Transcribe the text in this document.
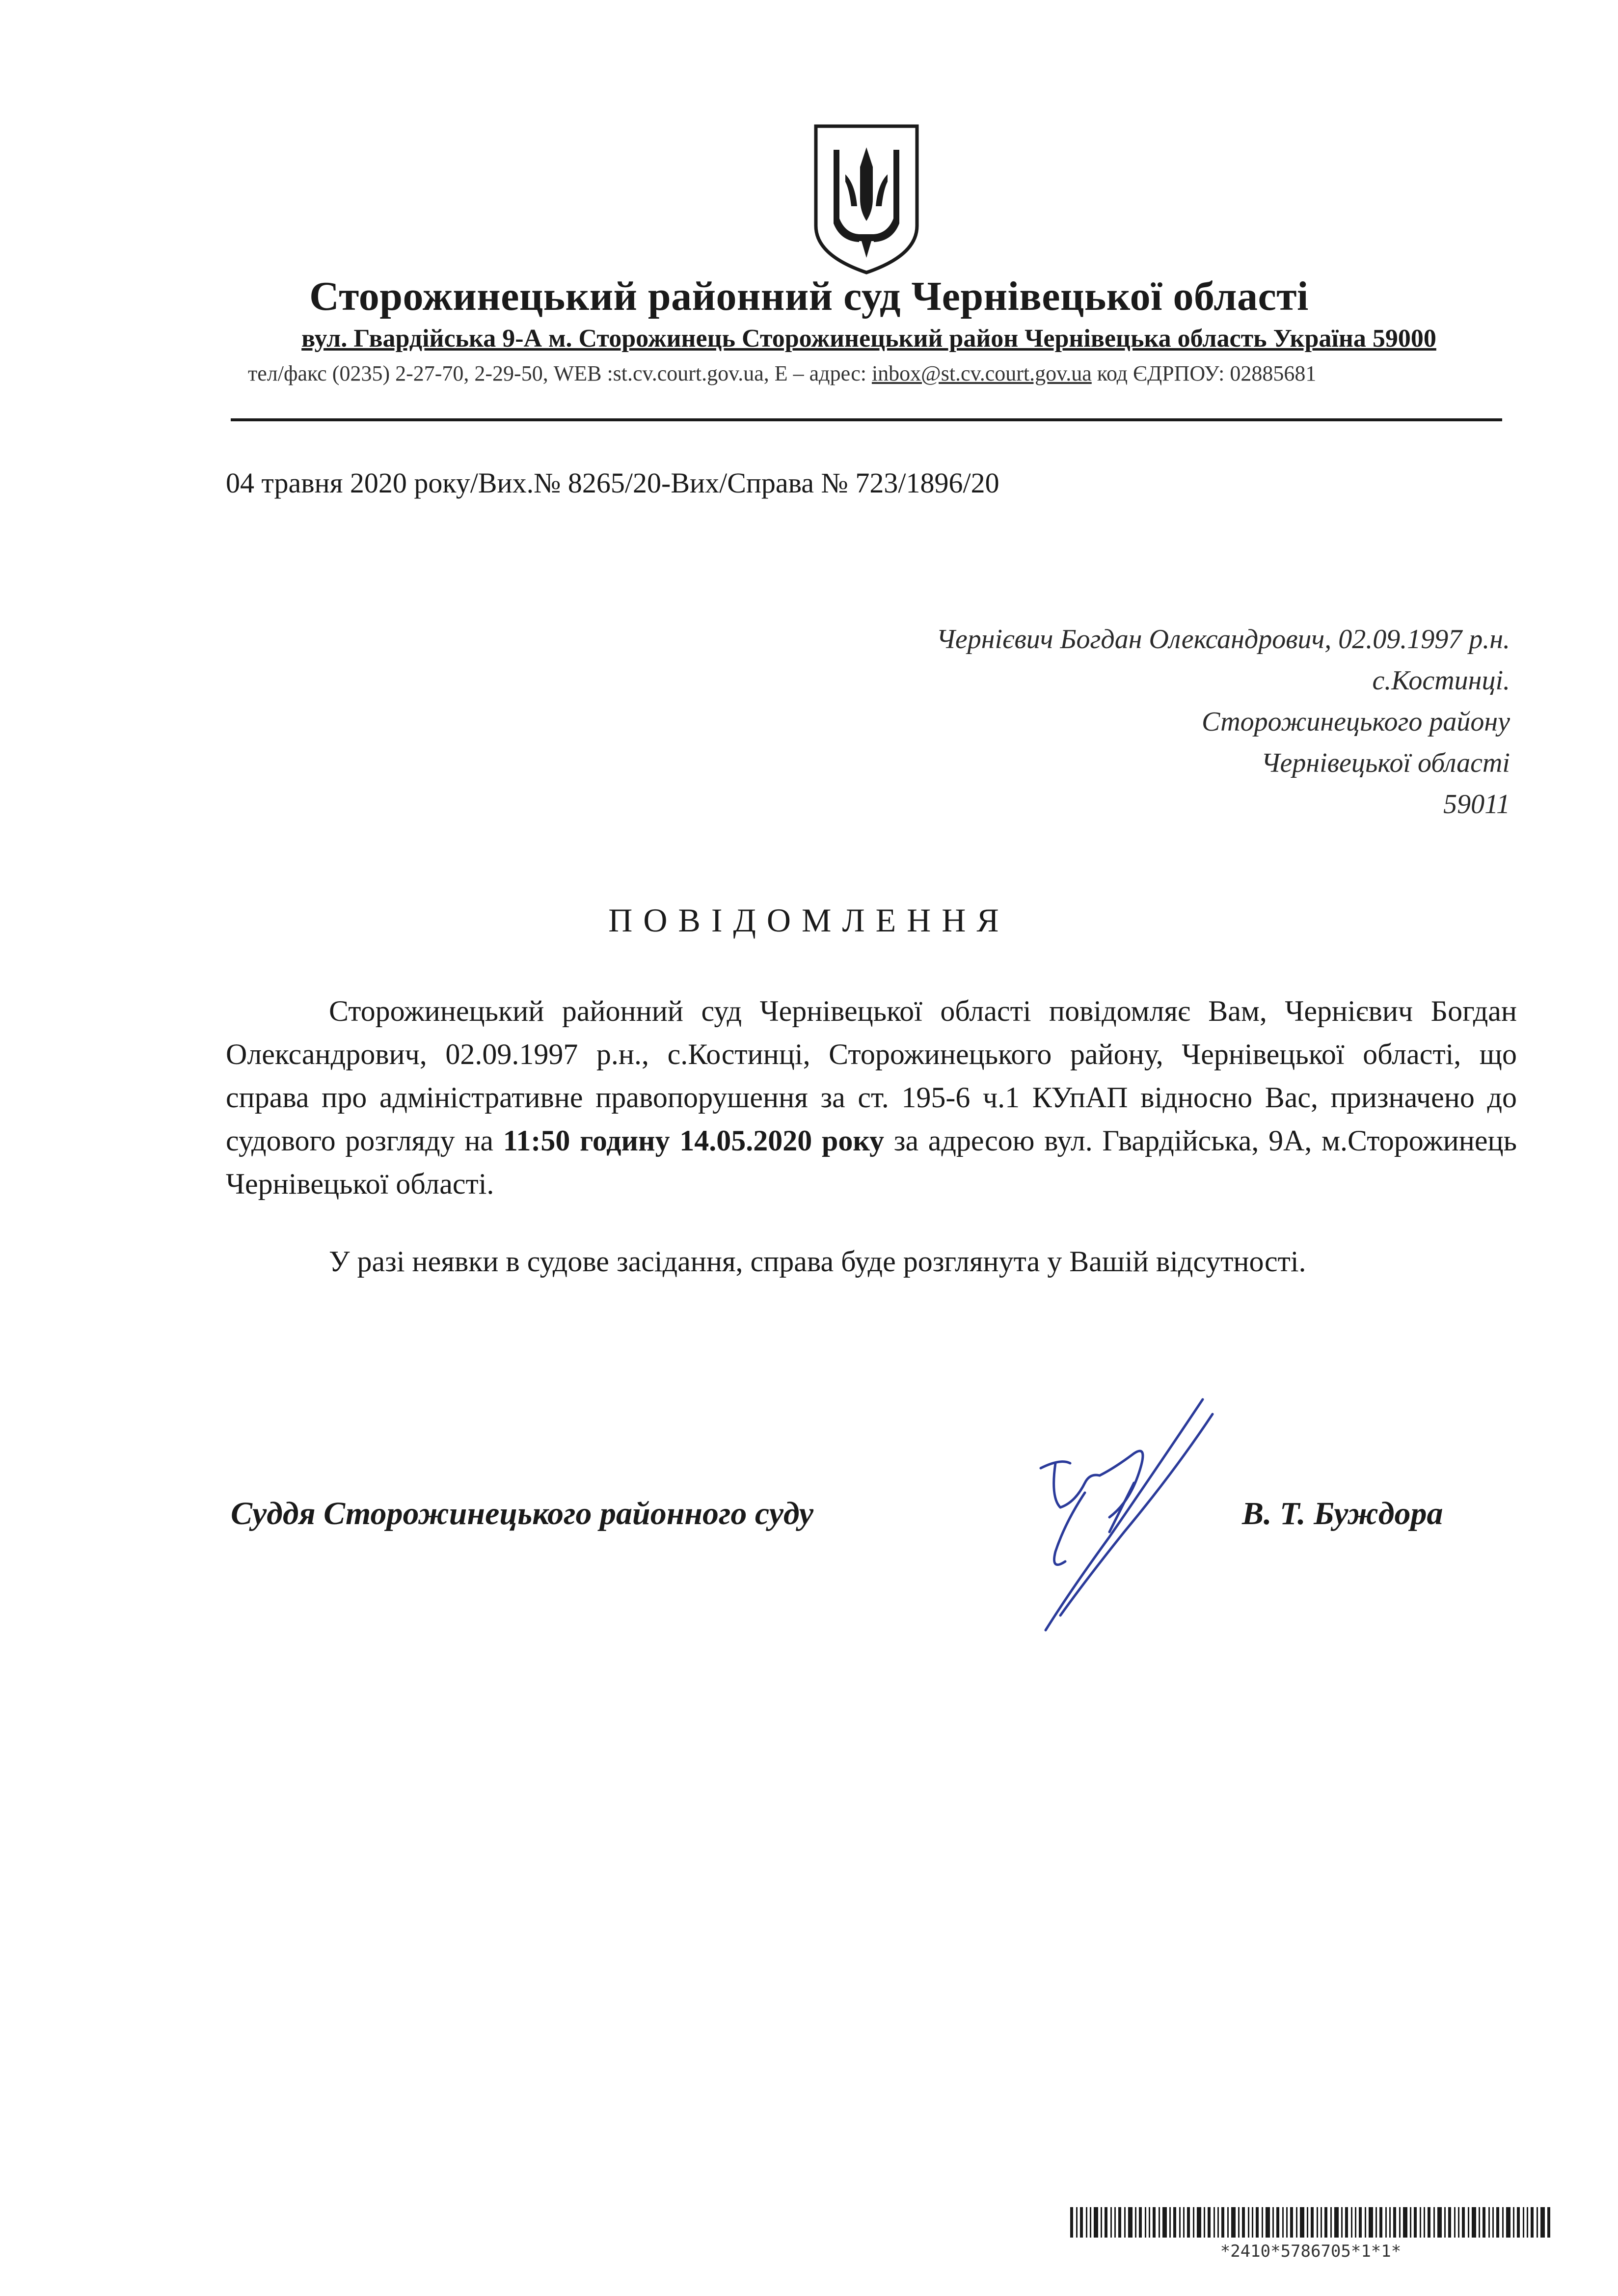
Сторожинецький районний суд Чернівецької області
вул. Гвардійська 9-А м. Сторожинець Сторожинецький район Чернівецька область Україна 59000
тел/факс (0235) 2-27-70, 2-29-50, WEB :st.cv.court.gov.ua, E – адрес: inbox@st.cv.court.gov.ua код ЄДРПОУ: 02885681
04 травня 2020 року/Вих.№ 8265/20-Вих/Справа № 723/1896/20
Чернієвич Богдан Олександрович, 02.09.1997 р.н.
с.Костинці.
Сторожинецького району
Чернівецької області
59011
ПОВІДОМЛЕННЯ

Сторожинецький районний суд Чернівецької області повідомляє Вам, Чернієвич Богдан Олександрович, 02.09.1997 р.н., с.Костинці, Сторожинецького району, Чернівецької області, що справа про адміністративне правопорушення за ст. 195-6 ч.1 КУпАП відносно Вас, призначено до судового розгляду на 11:50 годину 14.05.2020 року за адресою вул. Гвардійська, 9А, м.Сторожинець Чернівецької області.

У разі неявки в судове засідання, справа буде розглянута у Вашій відсутності.

Суддя Сторожинецького районного суду	В. Т. Буждора
*2410*5786705*1*1*
